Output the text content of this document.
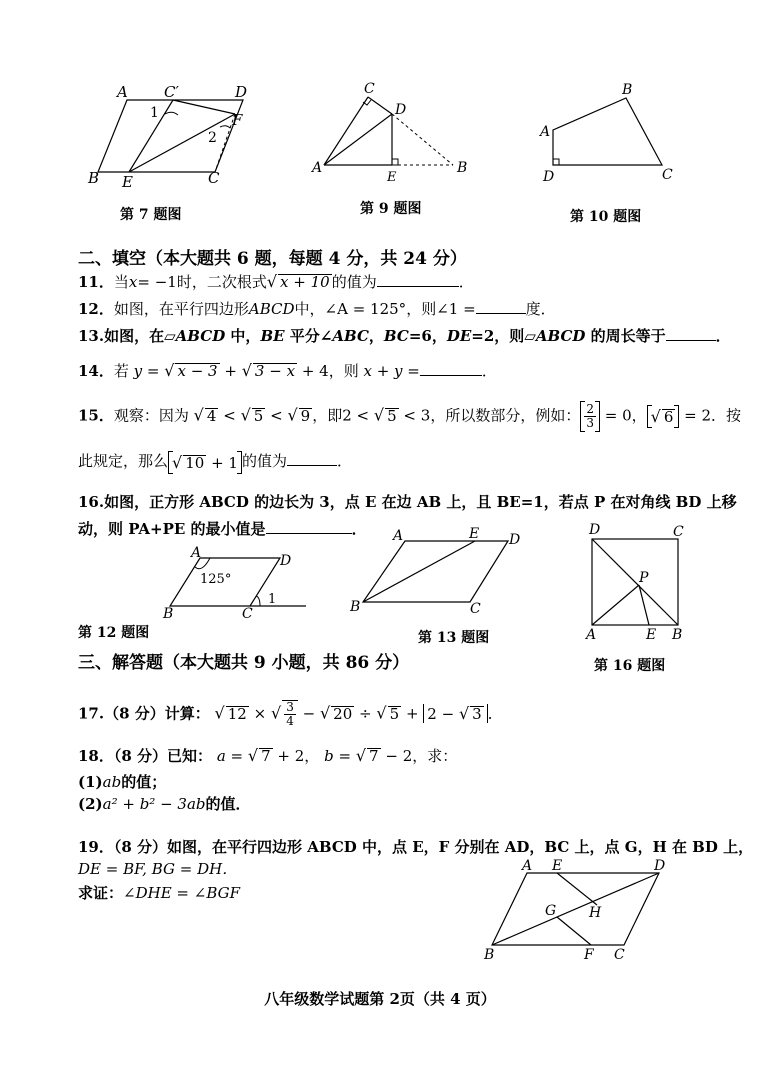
A C′	D
B E	C
F
1
2
第 7 题图
C
D
A
E
B
第 9 题图
B
A
D	C
第 10 题图
二、填空（本大题共 6 题，每题 4 分，共 24 分）
11．当x= −1时，二次根式√ x + 10 的值为	．
12．如图，在平行四边形ABCD中，∠A = 125°，则∠1 =	度．
13.如图，在▱ABCD 中，BE 平分∠ABC，BC=6，DE=2，则▱ABCD 的周长等于	．
14．若 y = √ x − 3 + √ 3 − x + 4，则 x + y =	．
15．观察：因为 √ 4 < √ 5 < √ 9 ，即2 < √ 5 < 3，所以数部分，例如： $\frac{2}{3} = 0$， √ 6 = 2．按
此规定，那么 √ 10 + 1 的值为	．
16.如图，正方形 ABCD 的边长为 3，点 E 在边 AB 上，且 BE=1，若点 P 在对角线 BD 上移
动，则 PA+PE 的最小值是	．
A	D
B	C
125°
1
第 12 题图
A	E D
B	C
第 13 题图
D	C
P
A	E B
第 16 题图
三、解答题（本大题共 9 小题，共 86 分）
17.（8 分）计算： √ 12 × √ $\frac{3}{4}$ − √ 20 ÷ √ 5 + 2 − √ 3 ．
18．（8 分）已知： a = √ 7 + 2， b = √ 7 − 2，求：
(1)ab的值；
(2)a² + b² − 3ab的值．
19．（8 分）如图，在平行四边形 ABCD 中，点 E，F 分别在 AD，BC 上，点 G，H 在 BD 上，
DE = BF, BG = DH．
求证：∠DHE = ∠BGF
A E	D
G H
B	F C
八年级数学试题第 2页（共 4 页）
